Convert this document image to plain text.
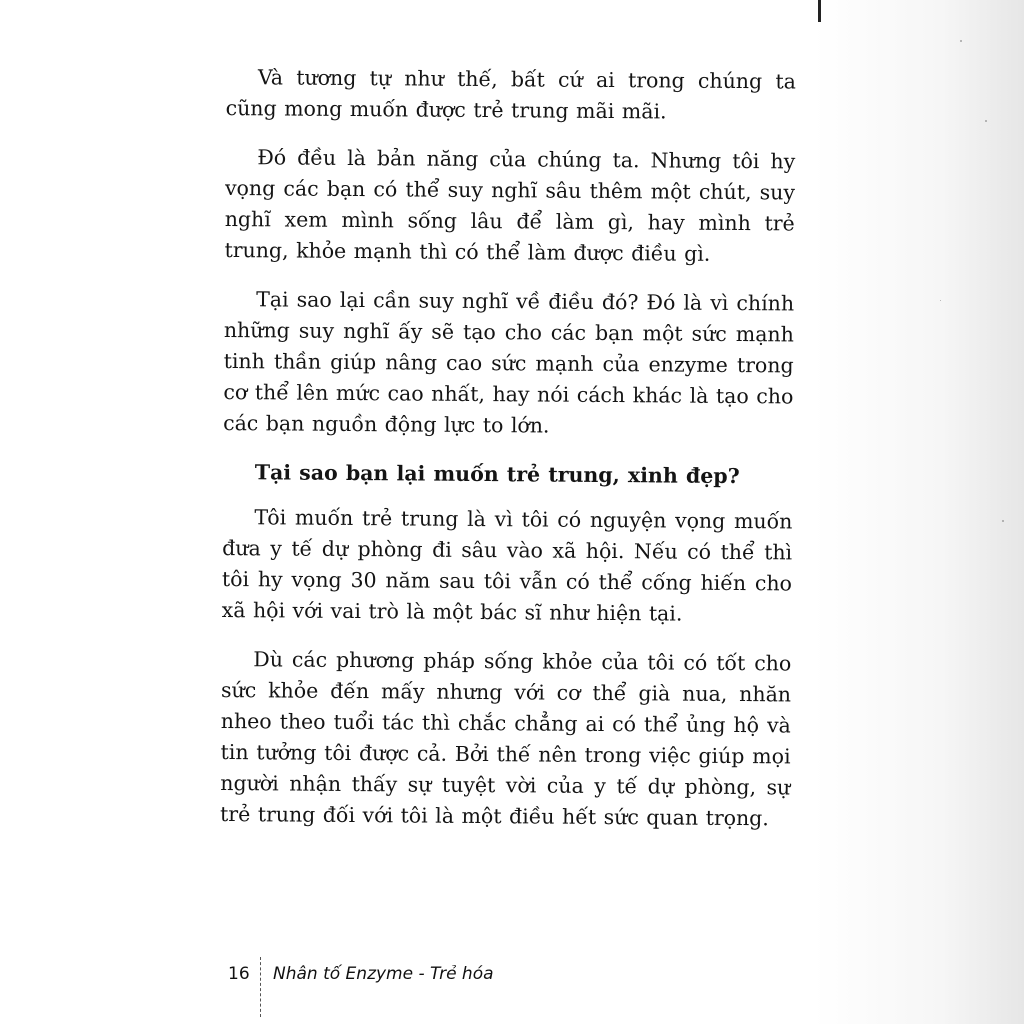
Và tương tự như thế, bất cứ ai trong chúng ta cũng mong muốn được trẻ trung mãi mãi.

Đó đều là bản năng của chúng ta. Nhưng tôi hy vọng các bạn có thể suy nghĩ sâu thêm một chút, suy nghĩ xem mình sống lâu để làm gì, hay mình trẻ trung, khỏe mạnh thì có thể làm được điều gì.

Tại sao lại cần suy nghĩ về điều đó? Đó là vì chính những suy nghĩ ấy sẽ tạo cho các bạn một sức mạnh tinh thần giúp nâng cao sức mạnh của enzyme trong cơ thể lên mức cao nhất, hay nói cách khác là tạo cho các bạn nguồn động lực to lớn.

Tại sao bạn lại muốn trẻ trung, xinh đẹp?

Tôi muốn trẻ trung là vì tôi có nguyện vọng muốn đưa y tế dự phòng đi sâu vào xã hội. Nếu có thể thì tôi hy vọng 30 năm sau tôi vẫn có thể cống hiến cho xã hội với vai trò là một bác sĩ như hiện tại.

Dù các phương pháp sống khỏe của tôi có tốt cho sức khỏe đến mấy nhưng với cơ thể già nua, nhăn nheo theo tuổi tác thì chắc chẳng ai có thể ủng hộ và tin tưởng tôi được cả. Bởi thế nên trong việc giúp mọi người nhận thấy sự tuyệt vời của y tế dự phòng, sự trẻ trung đối với tôi là một điều hết sức quan trọng.

16 Nhân tố Enzyme - Trẻ hóa
